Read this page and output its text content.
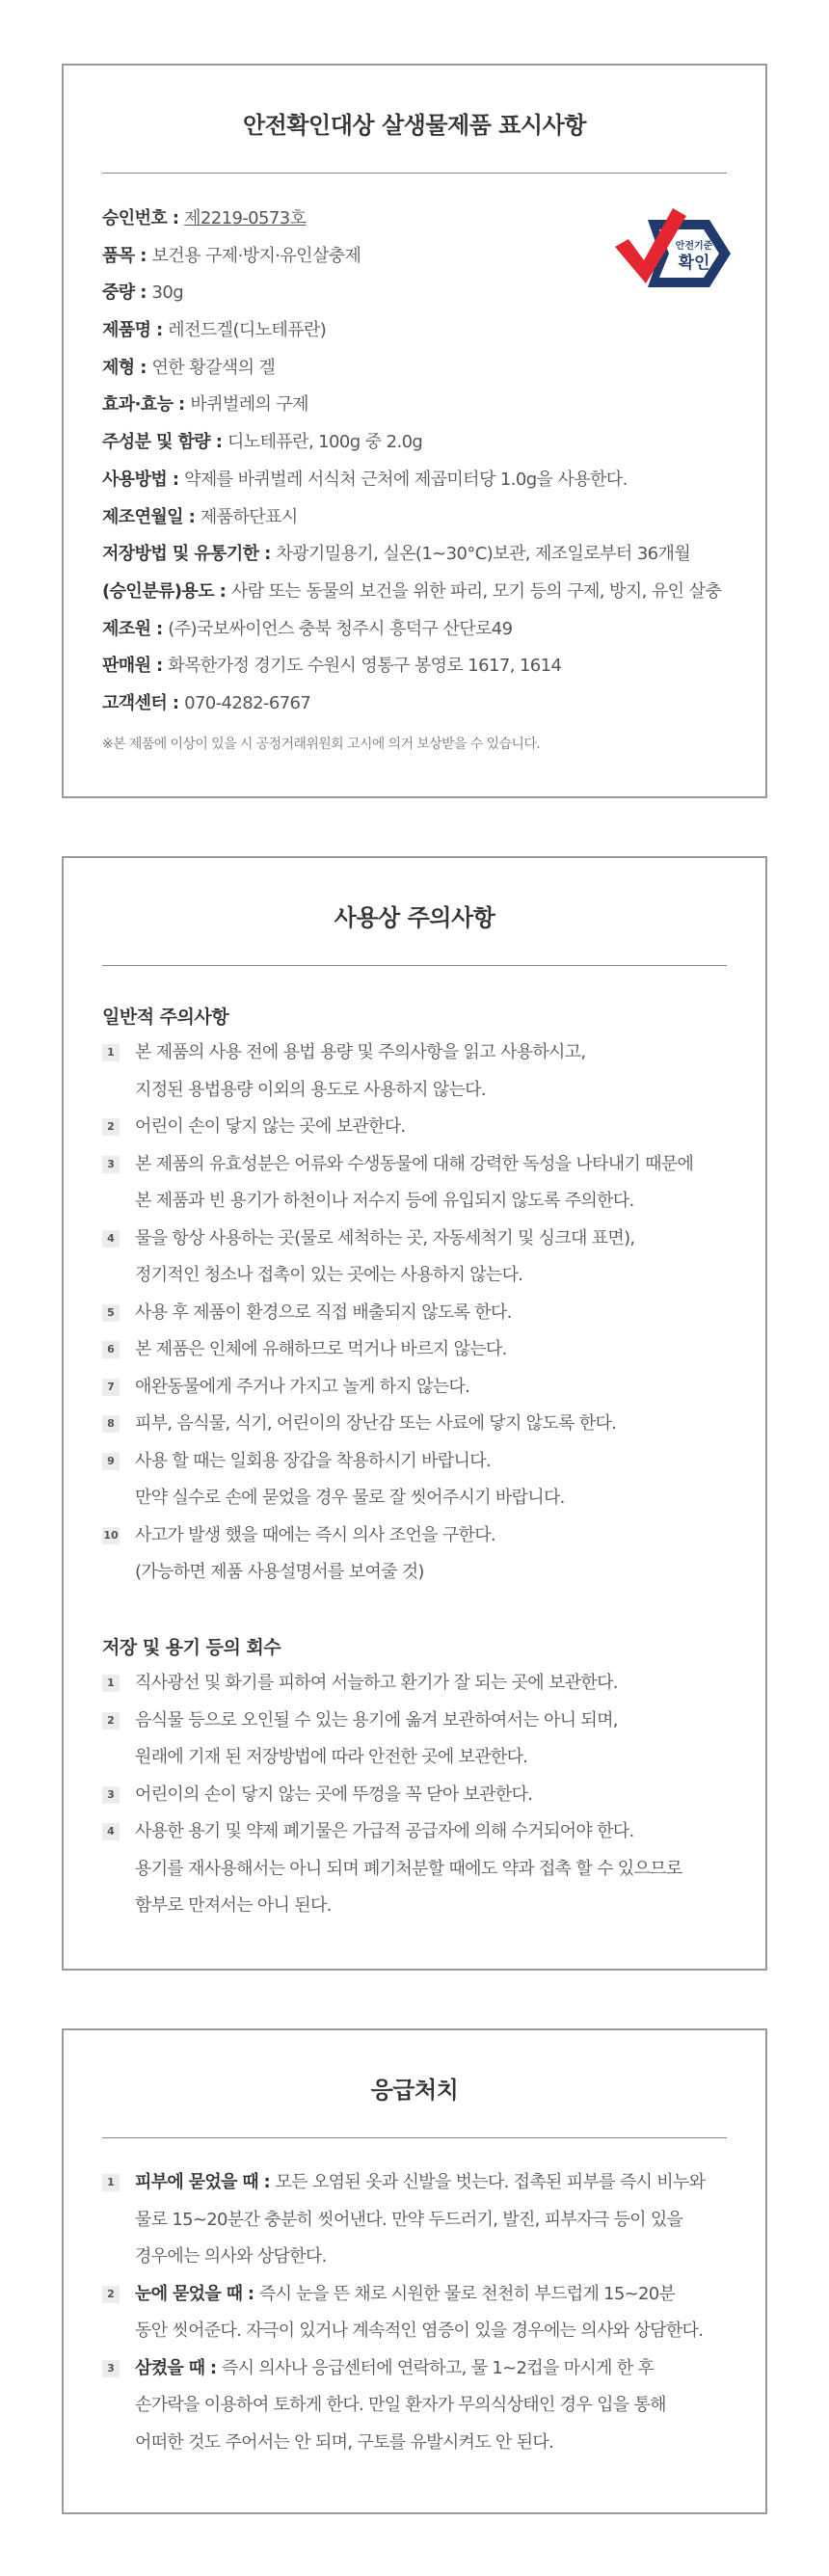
안전확인대상 살생물제품 표시사항
승인번호 : 제2219-0573호
품목 : 보건용 구제·방지·유인살충제
중량 : 30g
제품명 : 레전드겔(디노테퓨란)
제형 : 연한 황갈색의 겔
효과·효능 : 바퀴벌레의 구제
주성분 및 함량 : 디노테퓨란, 100g 중 2.0g
사용방법 : 약제를 바퀴벌레 서식처 근처에 제곱미터당 1.0g을 사용한다.
제조연월일 : 제품하단표시
저장방법 및 유통기한 : 차광기밀용기, 실온(1~30°C)보관, 제조일로부터 36개월
(승인분류)용도 : 사람 또는 동물의 보건을 위한 파리, 모기 등의 구제, 방지, 유인 살충
제조원 : (주)국보싸이언스 충북 청주시 흥덕구 산단로49
판매원 : 화목한가정 경기도 수원시 영통구 봉영로 1617, 1614
고객센터 : 070-4282-6767
※본 제품에 이상이 있을 시 공정거래위원회 고시에 의거 보상받을 수 있습니다.
안전기준
확인
사용상 주의사항
일반적 주의사항
1 본 제품의 사용 전에 용법 용량 및 주의사항을 읽고 사용하시고,
지정된 용법용량 이외의 용도로 사용하지 않는다.
2 어린이 손이 닿지 않는 곳에 보관한다.
3 본 제품의 유효성분은 어류와 수생동물에 대해 강력한 독성을 나타내기 때문에
본 제품과 빈 용기가 하천이나 저수지 등에 유입되지 않도록 주의한다.
4 물을 항상 사용하는 곳(물로 세척하는 곳, 자동세척기 및 싱크대 표면),
정기적인 청소나 접촉이 있는 곳에는 사용하지 않는다.
5 사용 후 제품이 환경으로 직접 배출되지 않도록 한다.
6 본 제품은 인체에 유해하므로 먹거나 바르지 않는다.
7 애완동물에게 주거나 가지고 놀게 하지 않는다.
8 피부, 음식물, 식기, 어린이의 장난감 또는 사료에 닿지 않도록 한다.
9 사용 할 때는 일회용 장갑을 착용하시기 바랍니다.
만약 실수로 손에 묻었을 경우 물로 잘 씻어주시기 바랍니다.
10 사고가 발생 했을 때에는 즉시 의사 조언을 구한다.
(가능하면 제품 사용설명서를 보여줄 것)
저장 및 용기 등의 회수
1 직사광선 및 화기를 피하여 서늘하고 환기가 잘 되는 곳에 보관한다.
2 음식물 등으로 오인될 수 있는 용기에 옮겨 보관하여서는 아니 되며,
원래에 기재 된 저장방법에 따라 안전한 곳에 보관한다.
3 어린이의 손이 닿지 않는 곳에 뚜껑을 꼭 닫아 보관한다.
4 사용한 용기 및 약제 폐기물은 가급적 공급자에 의해 수거되어야 한다.
용기를 재사용해서는 아니 되며 폐기처분할 때에도 약과 접촉 할 수 있으므로
함부로 만져서는 아니 된다.
응급처치
1 피부에 묻었을 때 : 모든 오염된 옷과 신발을 벗는다. 접촉된 피부를 즉시 비누와
물로 15~20분간 충분히 씻어낸다. 만약 두드러기, 발진, 피부자극 등이 있을
경우에는 의사와 상담한다.
2 눈에 묻었을 때 : 즉시 눈을 뜬 채로 시원한 물로 천천히 부드럽게 15~20분
동안 씻어준다. 자극이 있거나 계속적인 염증이 있을 경우에는 의사와 상담한다.
3 삼켰을 때 : 즉시 의사나 응급센터에 연락하고, 물 1~2컵을 마시게 한 후
손가락을 이용하여 토하게 한다. 만일 환자가 무의식상태인 경우 입을 통해
어떠한 것도 주어서는 안 되며, 구토를 유발시켜도 안 된다.
